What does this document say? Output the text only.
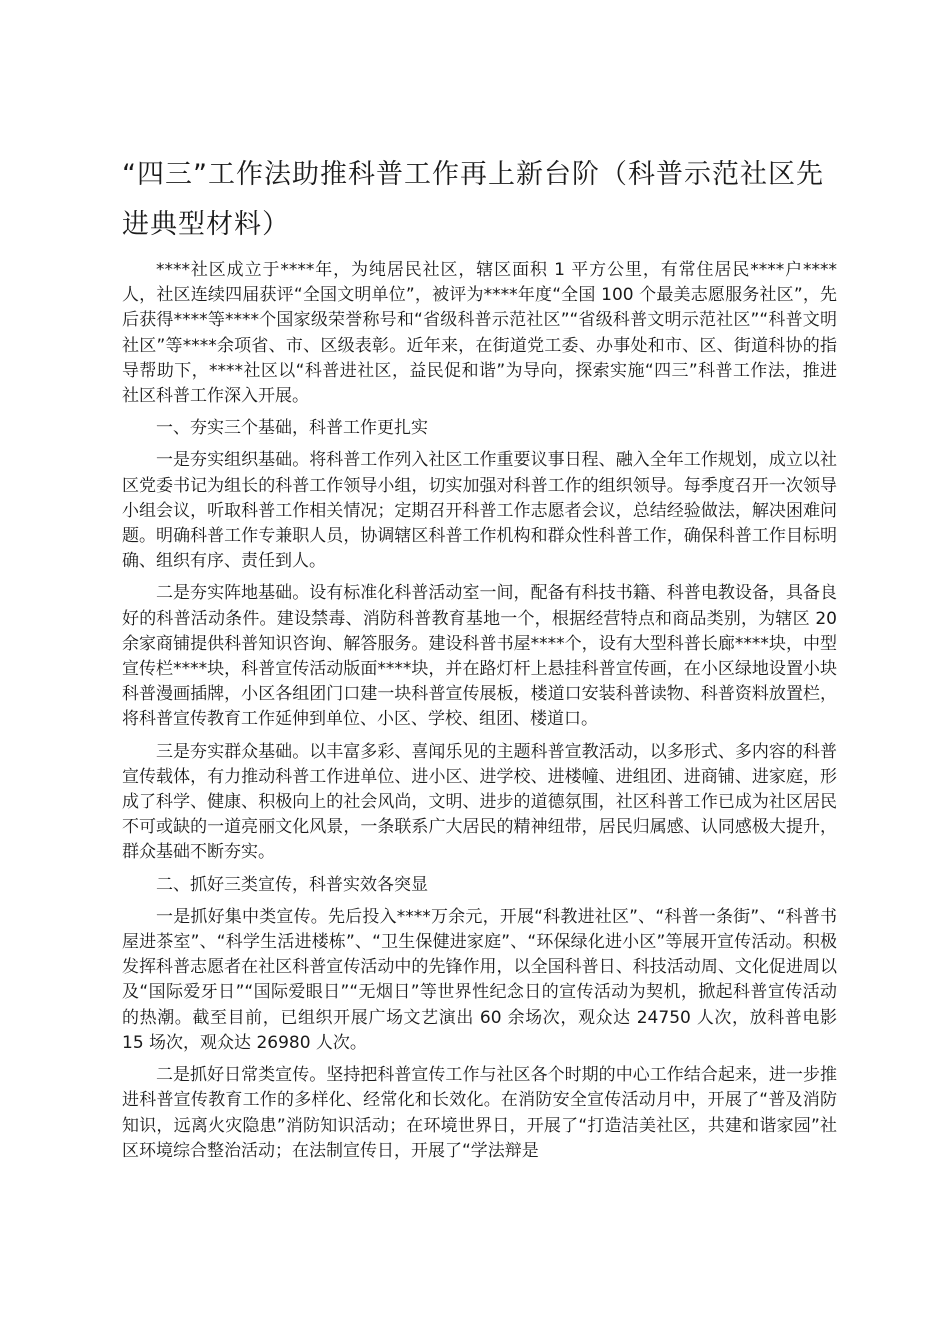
“四三”工作法助推科普工作再上新台阶（科普示范社区先进典型材料）

****社区成立于****年，为纯居民社区，辖区面积 1 平方公里，有常住居民****户****人，社区连续四届获评“全国文明单位”，被评为****年度“全国 100 个最美志愿服务社区”，先后获得****等****个国家级荣誉称号和“省级科普示范社区”“省级科普文明示范社区”“科普文明社区”等****余项省、市、区级表彰。近年来，在街道党工委、办事处和市、区、街道科协的指导帮助下，****社区以“科普进社区，益民促和谐”为导向，探索实施“四三”科普工作法，推进社区科普工作深入开展。

一、夯实三个基础，科普工作更扎实

一是夯实组织基础。将科普工作列入社区工作重要议事日程、融入全年工作规划，成立以社区党委书记为组长的科普工作领导小组，切实加强对科普工作的组织领导。每季度召开一次领导小组会议，听取科普工作相关情况；定期召开科普工作志愿者会议，总结经验做法，解决困难问题。明确科普工作专兼职人员，协调辖区科普工作机构和群众性科普工作，确保科普工作目标明确、组织有序、责任到人。

二是夯实阵地基础。设有标准化科普活动室一间，配备有科技书籍、科普电教设备，具备良好的科普活动条件。建设禁毒、消防科普教育基地一个，根据经营特点和商品类别，为辖区 20 余家商铺提供科普知识咨询、解答服务。建设科普书屋****个，设有大型科普长廊****块，中型宣传栏****块，科普宣传活动版面****块，并在路灯杆上悬挂科普宣传画，在小区绿地设置小块科普漫画插牌，小区各组团门口建一块科普宣传展板，楼道口安装科普读物、科普资料放置栏，将科普宣传教育工作延伸到单位、小区、学校、组团、楼道口。

三是夯实群众基础。以丰富多彩、喜闻乐见的主题科普宣教活动，以多形式、多内容的科普宣传载体，有力推动科普工作进单位、进小区、进学校、进楼幢、进组团、进商铺、进家庭，形成了科学、健康、积极向上的社会风尚，文明、进步的道德氛围，社区科普工作已成为社区居民不可或缺的一道亮丽文化风景，一条联系广大居民的精神纽带，居民归属感、认同感极大提升，群众基础不断夯实。

二、抓好三类宣传，科普实效各突显

一是抓好集中类宣传。先后投入****万余元，开展“科教进社区”、“科普一条街”、“科普书屋进茶室”、“科学生活进楼栋”、“卫生保健进家庭”、“环保绿化进小区”等展开宣传活动。积极发挥科普志愿者在社区科普宣传活动中的先锋作用，以全国科普日、科技活动周、文化促进周以及“国际爱牙日”“国际爱眼日”“无烟日”等世界性纪念日的宣传活动为契机，掀起科普宣传活动的热潮。截至目前，已组织开展广场文艺演出 60 余场次，观众达 24750 人次，放科普电影 15 场次，观众达 26980 人次。

二是抓好日常类宣传。坚持把科普宣传工作与社区各个时期的中心工作结合起来，进一步推进科普宣传教育工作的多样化、经常化和长效化。在消防安全宣传活动月中，开展了“普及消防知识，远离火灾隐患”消防知识活动；在环境世界日，开展了“打造洁美社区，共建和谐家园”社区环境综合整治活动；在法制宣传日，开展了“学法辩是
